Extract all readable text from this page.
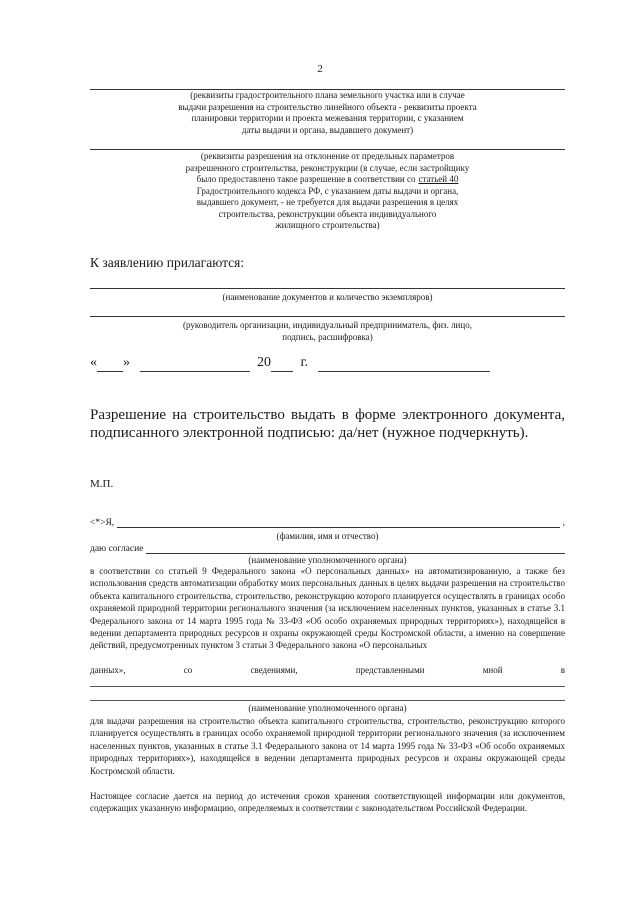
2
(реквизиты градостроительного плана земельного участка или в случае
выдачи разрешения на строительство линейного объекта - реквизиты проекта
планировки территории и проекта межевания территории, с указанием
даты выдачи и органа, выдавшего документ)
(реквизиты разрешения на отклонение от предельных параметров
разрешенного строительства, реконструкции (в случае, если застройщику
было предоставлено такое разрешение в соответствии со статьей 40
Градостроительного кодекса РФ, с указанием даты выдачи и органа,
выдавшего документ, - не требуется для выдачи разрешения в целях
строительства, реконструкции объекта индивидуального
жилищного строительства)
К заявлению прилагаются:
(наименование документов и количество экземпляров)
(руководитель организации, индивидуальный предприниматель, физ. лицо,
подпись, расшифровка)
« »	20 г.
Разрешение на строительство выдать в форме электронного документа,
подписанного электронной подписью: да/нет (нужное подчеркнуть).
М.П.
<*>Я,	,
(фамилия, имя и отчество)
даю согласие
(наименование уполномоченного органа)
в соответствии со статьей 9 Федерального закона «О персональных данных» на автоматизированную, а также без использования средств автоматизации обработку моих персональных данных в целях выдачи разрешения на строительство объекта капитального строительства, строительство, реконструкцию которого планируется осуществлять в границах особо охраняемой природной территории регионального значения (за исключением населенных пунктов, указанных в статье 3.1 Федерального закона от 14 марта 1995 года № 33-ФЗ «Об особо охраняемых природных территориях»), находящейся в ведении департамента природных ресурсов и охраны окружающей среды Костромской области, а именно на совершение действий, предусмотренных пунктом 3 статьи 3 Федерального закона «О персональных
данных»,	со	сведениями,	представленными	мной	в
(наименование уполномоченного органа)
для выдачи разрешения на строительство объекта капитального строительства, строительство, реконструкцию которого планируется осуществлять в границах особо охраняемой природной территории регионального значения (за исключением населенных пунктов, указанных в статье 3.1 Федерального закона от 14 марта 1995 года № 33-ФЗ «Об особо охраняемых природных территориях»), находящейся в ведении департамента природных ресурсов и охраны окружающей среды Костромской области.
Настоящее согласие дается на период до истечения сроков хранения соответствующей информации или документов, содержащих указанную информацию, определяемых в соответствии с законодательством Российской Федерации.
